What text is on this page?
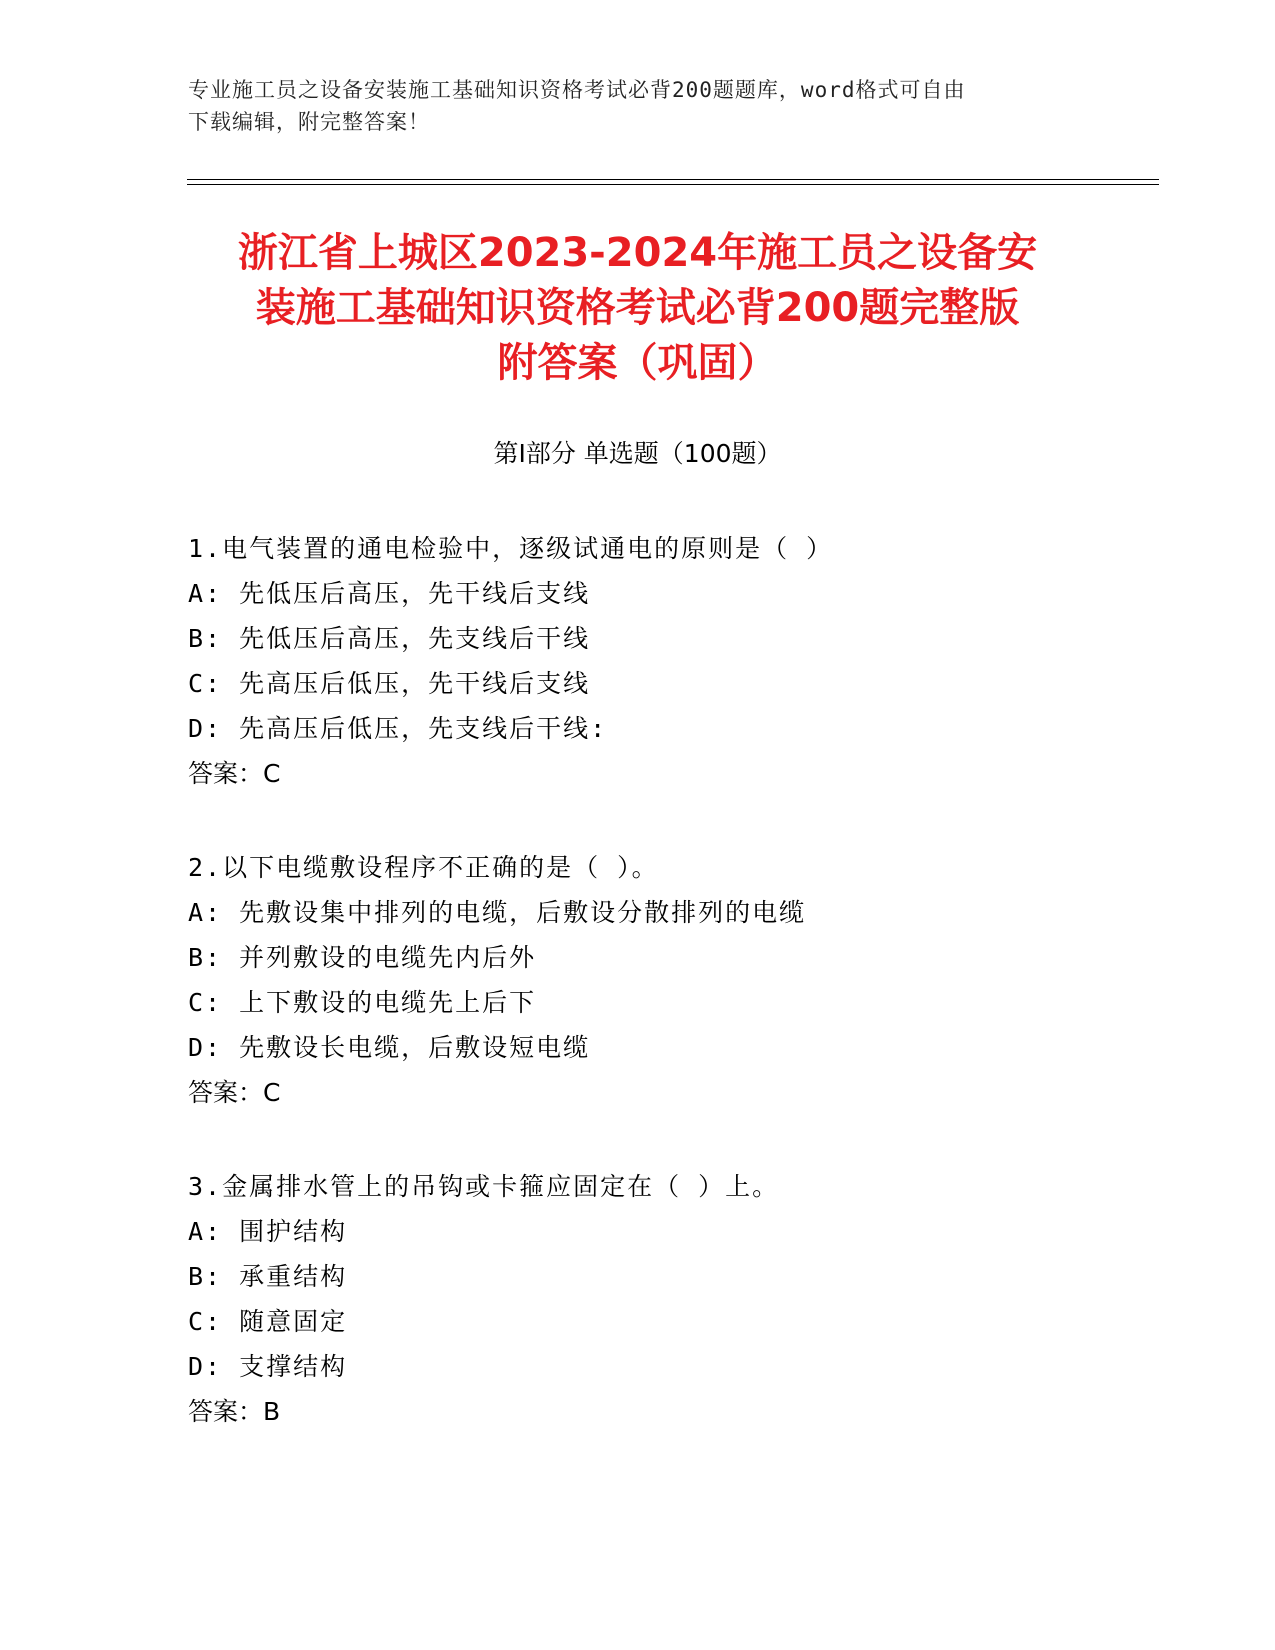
专业施工员之设备安装施工基础知识资格考试必背200题题库，word格式可自由
下载编辑，附完整答案！
浙江省上城区2023-2024年施工员之设备安
装施工基础知识资格考试必背200题完整版
附答案（巩固）
第I部分 单选题（100题）
1.电气装置的通电检验中，逐级试通电的原则是（ ）
A: 先低压后高压，先干线后支线
B: 先低压后高压，先支线后干线
C: 先高压后低压，先干线后支线
D: 先高压后低压，先支线后干线:
答案：C
2.以下电缆敷设程序不正确的是（ ）。
A: 先敷设集中排列的电缆，后敷设分散排列的电缆
B: 并列敷设的电缆先内后外
C: 上下敷设的电缆先上后下
D: 先敷设长电缆，后敷设短电缆
答案：C
3.金属排水管上的吊钩或卡箍应固定在（ ）上。
A: 围护结构
B: 承重结构
C: 随意固定
D: 支撑结构
答案：B
